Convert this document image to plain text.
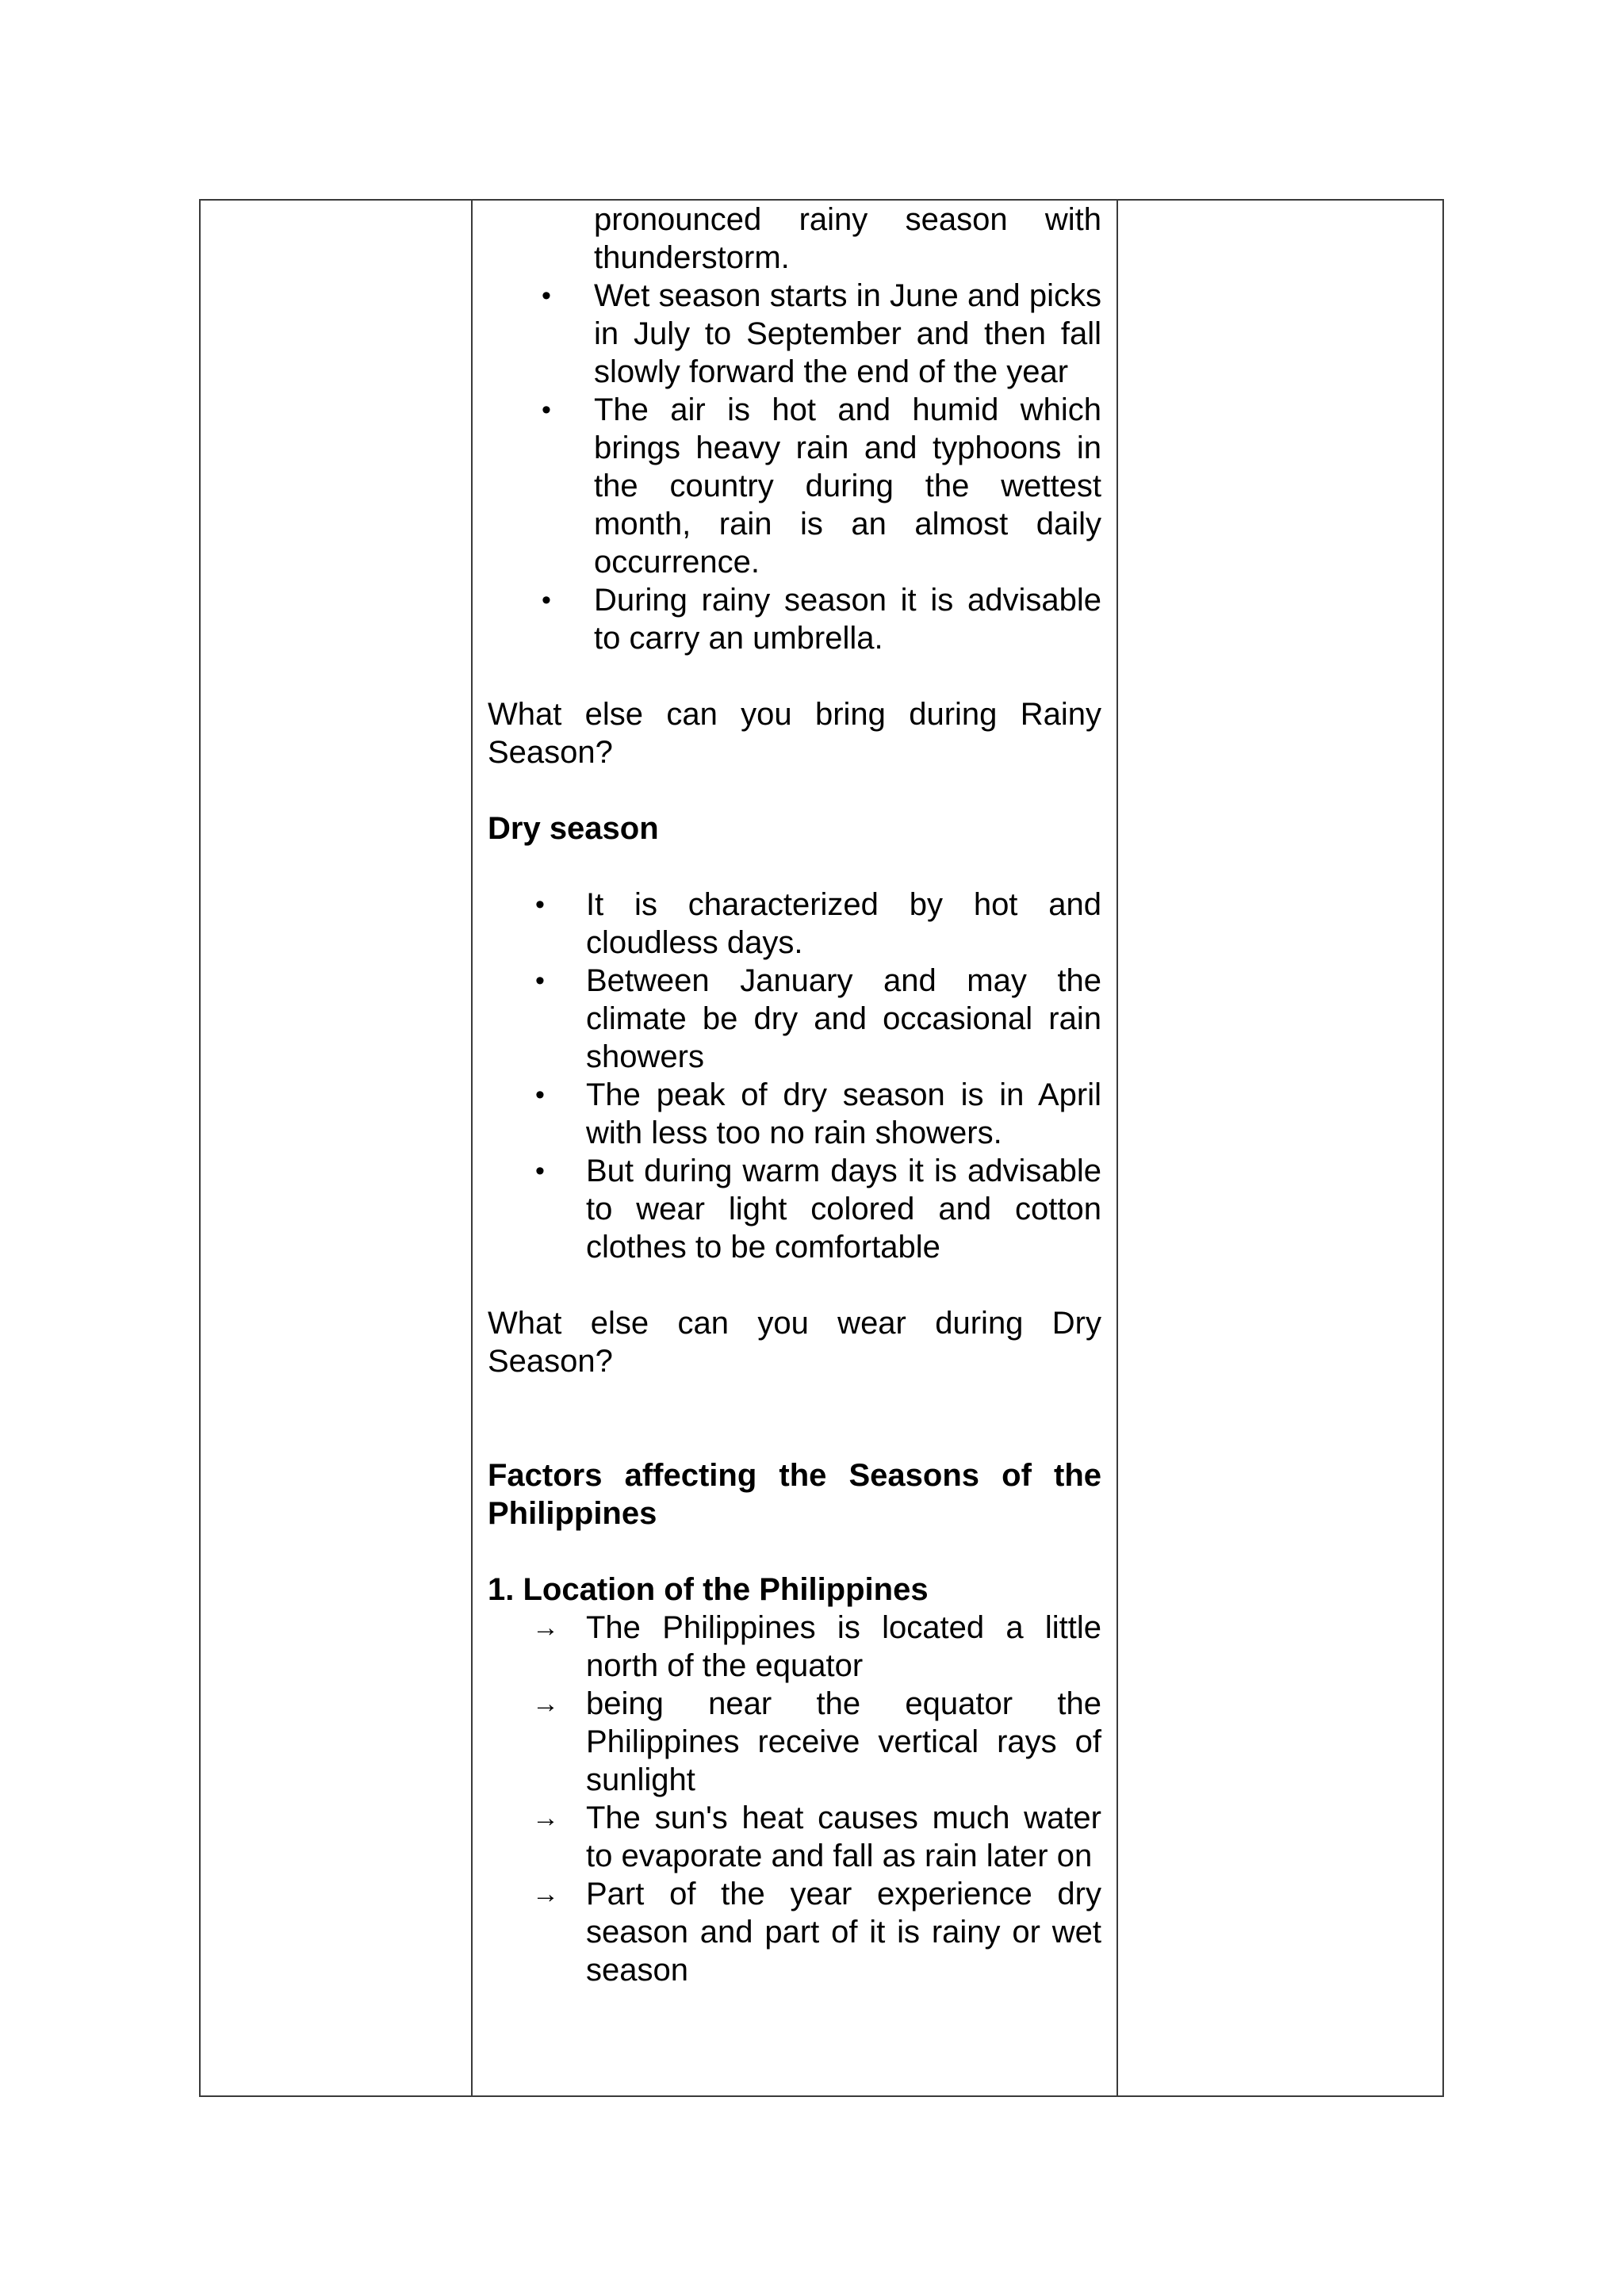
pronounced rainy season with

thunderstorm.

• Wet season starts in June and picks in July to September and then fall slowly forward the end of the year
• The air is hot and humid which brings heavy rain and typhoons in the country during the wettest month, rain is an almost daily occurrence.
• During rainy season it is advisable to carry an umbrella.

What else can you bring during Rainy Season?

Dry season

• It is characterized by hot and cloudless days.
• Between January and may the climate be dry and occasional rain showers
• The peak of dry season is in April with less too no rain showers.
• But during warm days it is advisable to wear light colored and cotton clothes to be comfortable

What else can you wear during Dry Season?

Factors affecting the Seasons of the Philippines

1. Location of the Philippines

→ The Philippines is located a little north of the equator
→ being near the equator the Philippines receive vertical rays of sunlight
→ The sun's heat causes much water to evaporate and fall as rain later on
→ Part of the year experience dry season and part of it is rainy or wet season
